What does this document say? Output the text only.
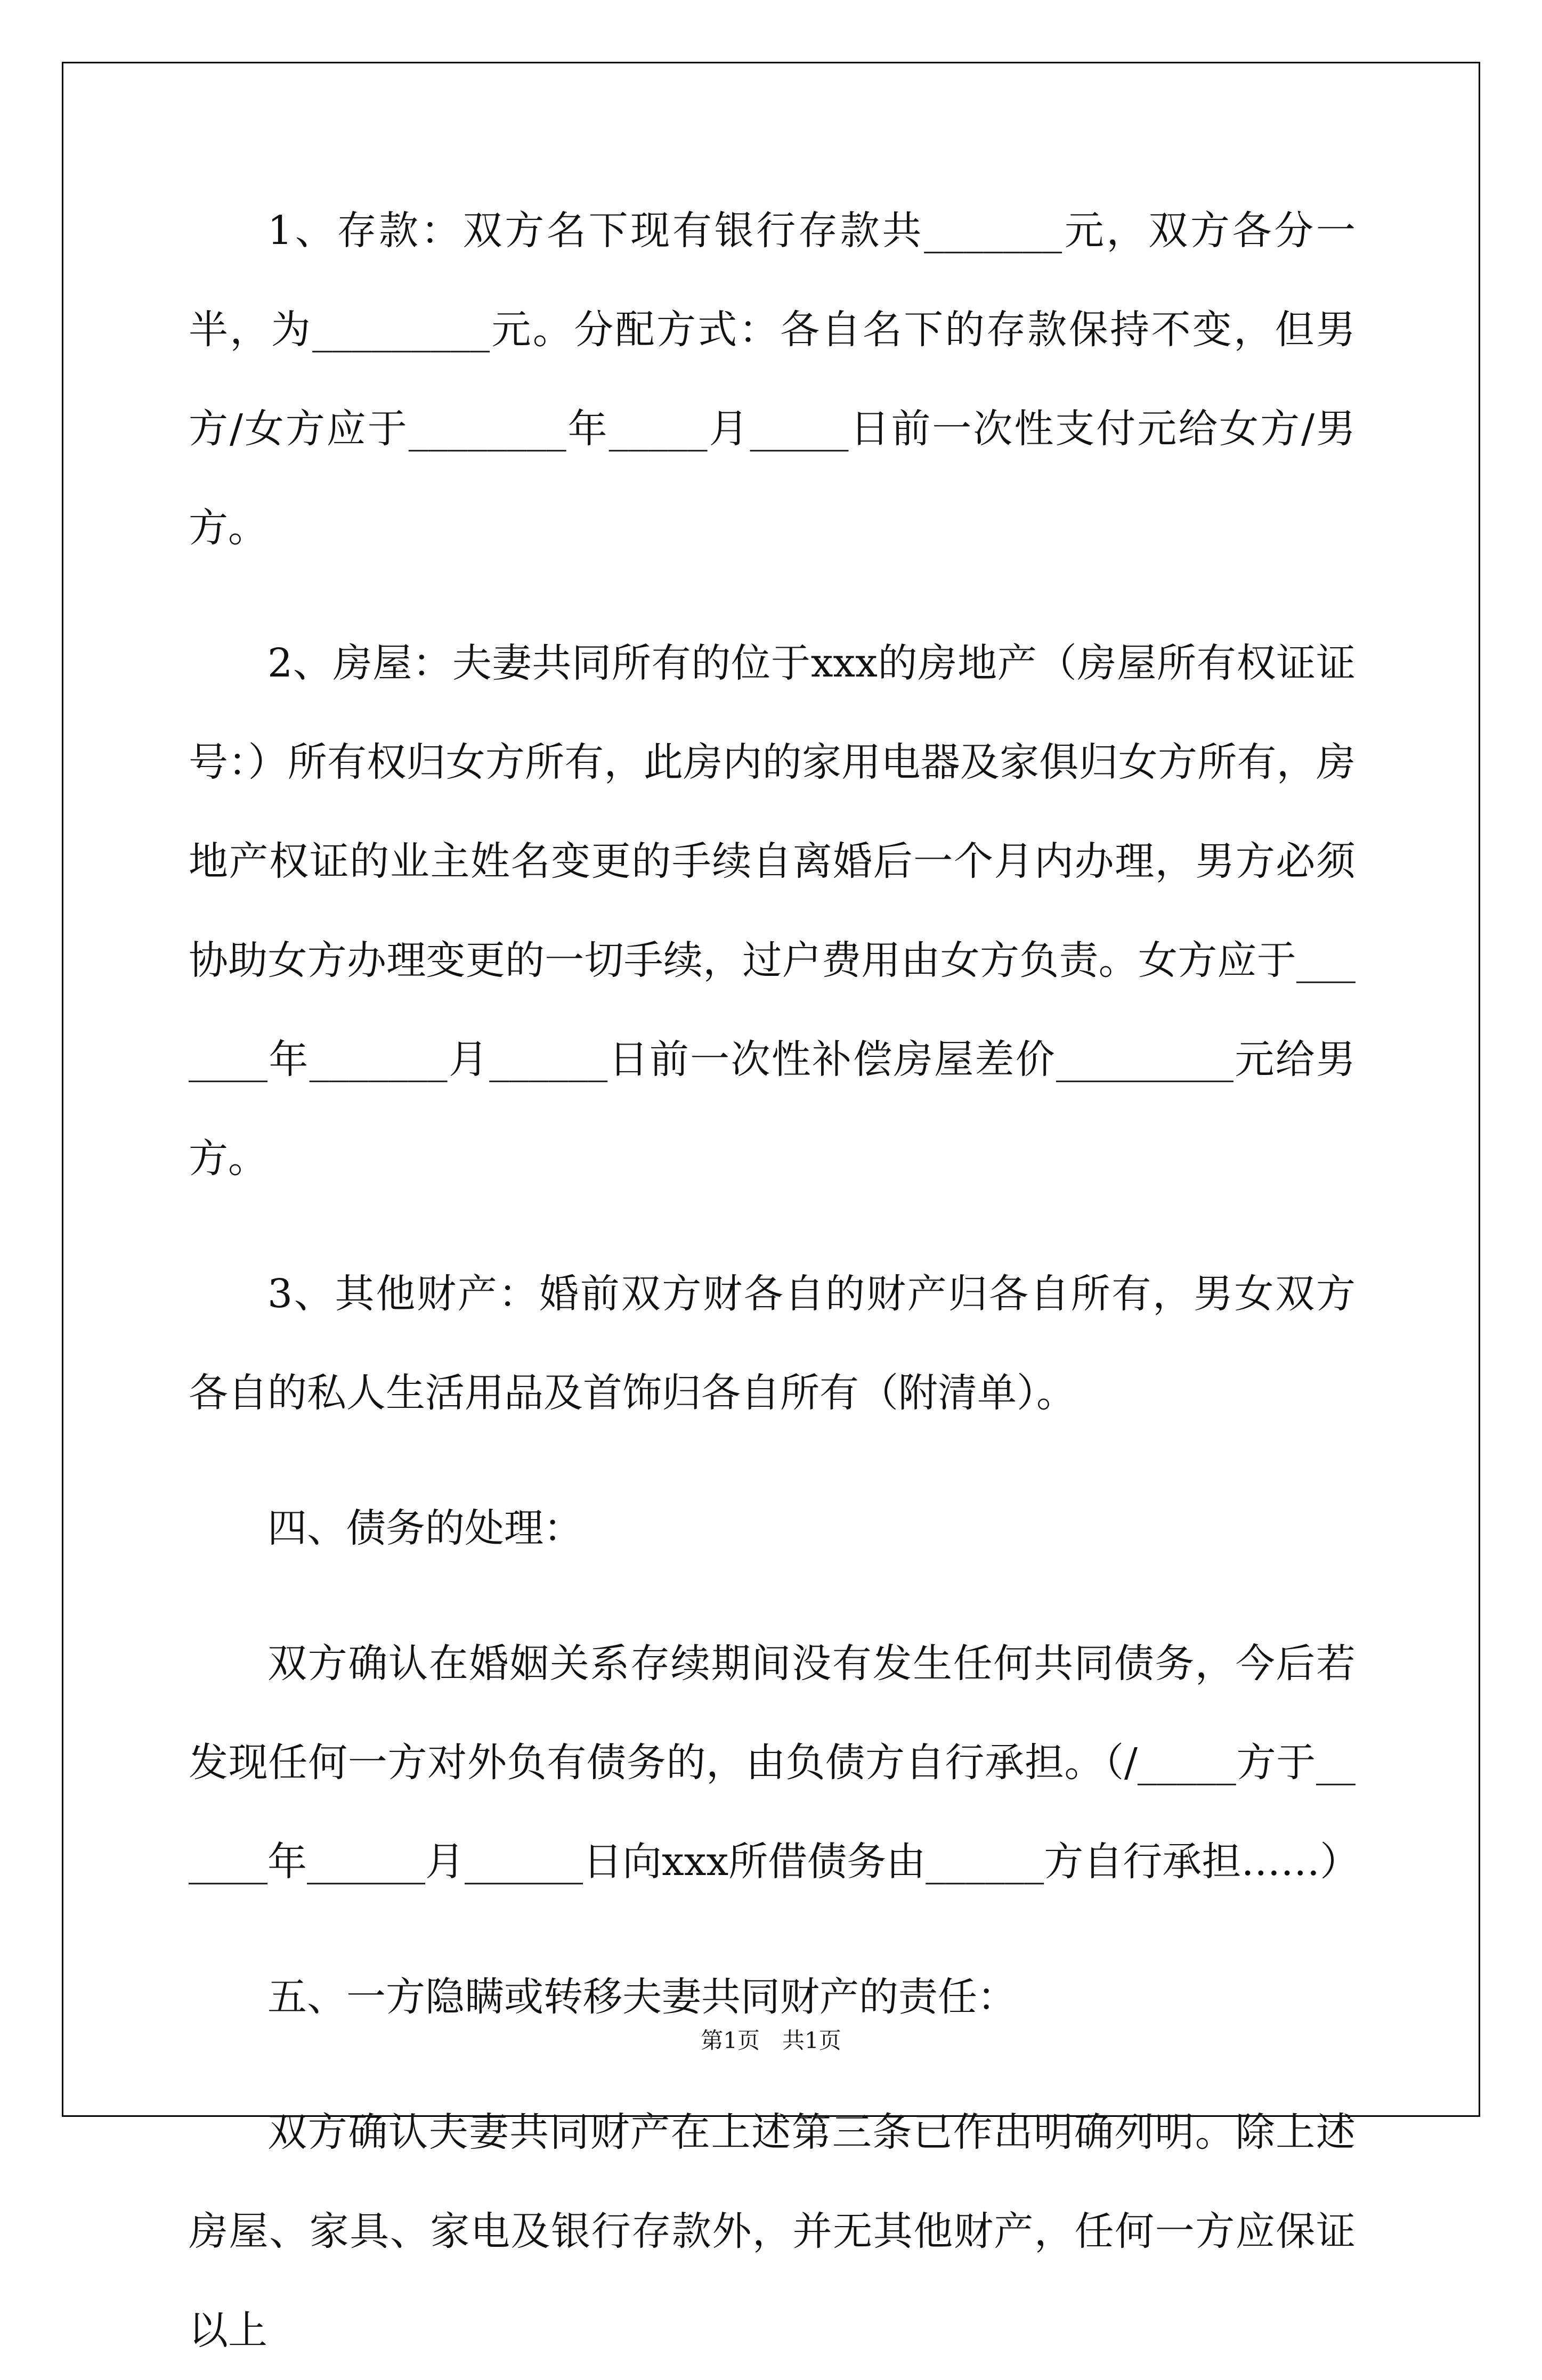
1、存款：双方名下现有银行存款共_______元，双方各分一半，为_________元。分配方式：各自名下的存款保持不变，但男方/女方应于________年_____月_____日前一次性支付元给女方/男方。

2、房屋：夫妻共同所有的位于xxx的房地产（房屋所有权证证号：）所有权归女方所有，此房内的家用电器及家俱归女方所有，房地产权证的业主姓名变更的手续自离婚后一个月内办理，男方必须协助女方办理变更的一切手续，过户费用由女方负责。女方应于_______年_______月______日前一次性补偿房屋差价_________元给男方。

3、其他财产：婚前双方财各自的财产归各自所有，男女双方各自的私人生活用品及首饰归各自所有（附清单）。

四、债务的处理：

双方确认在婚姻关系存续期间没有发生任何共同债务，今后若发现任何一方对外负有债务的，由负债方自行承担。（/_____方于______年______月______日向xxx所借债务由______方自行承担……）

五、一方隐瞒或转移夫妻共同财产的责任：

双方确认夫妻共同财产在上述第三条已作出明确列明。除上述房屋、家具、家电及银行存款外，并无其他财产，任何一方应保证以上

第1页　共1页
